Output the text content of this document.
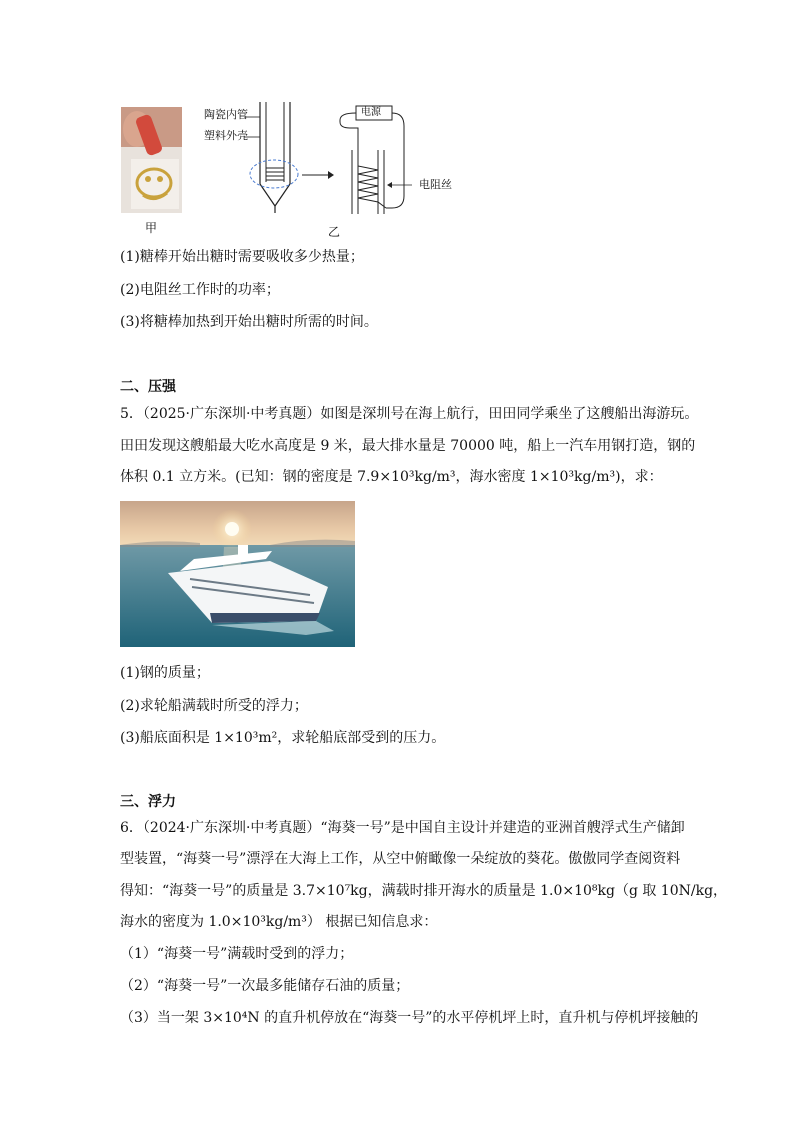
甲
陶瓷内管
塑料外壳
电源
电阻丝
乙
(1)糖棒开始出糖时需要吸收多少热量；
(2)电阻丝工作时的功率；
(3)将糖棒加热到开始出糖时所需的时间。
二、压强
5．（2025·广东深圳·中考真题）如图是深圳号在海上航行，田田同学乘坐了这艘船出海游玩。
田田发现这艘船最大吃水高度是 9 米，最大排水量是 70000 吨，船上一汽车用钢打造，钢的
体积 0.1 立方米。(已知：钢的密度是 7.9×10³kg/m³，海水密度 1×10³kg/m³)，求：
(1)钢的质量；
(2)求轮船满载时所受的浮力；
(3)船底面积是 1×10³m²，求轮船底部受到的压力。
三、浮力
6．（2024·广东深圳·中考真题）“海葵一号”是中国自主设计并建造的亚洲首艘浮式生产储卸
型装置，“海葵一号”漂浮在大海上工作，从空中俯瞰像一朵绽放的葵花。傲傲同学查阅资料
得知：“海葵一号”的质量是 3.7×10⁷kg，满载时排开海水的质量是 1.0×10⁸kg（g 取 10N/kg，
海水的密度为 1.0×10³kg/m³） 根据已知信息求：
（1）“海葵一号”满载时受到的浮力；
（2）“海葵一号”一次最多能储存石油的质量；
（3）当一架 3×10⁴N 的直升机停放在“海葵一号”的水平停机坪上时，直升机与停机坪接触的
